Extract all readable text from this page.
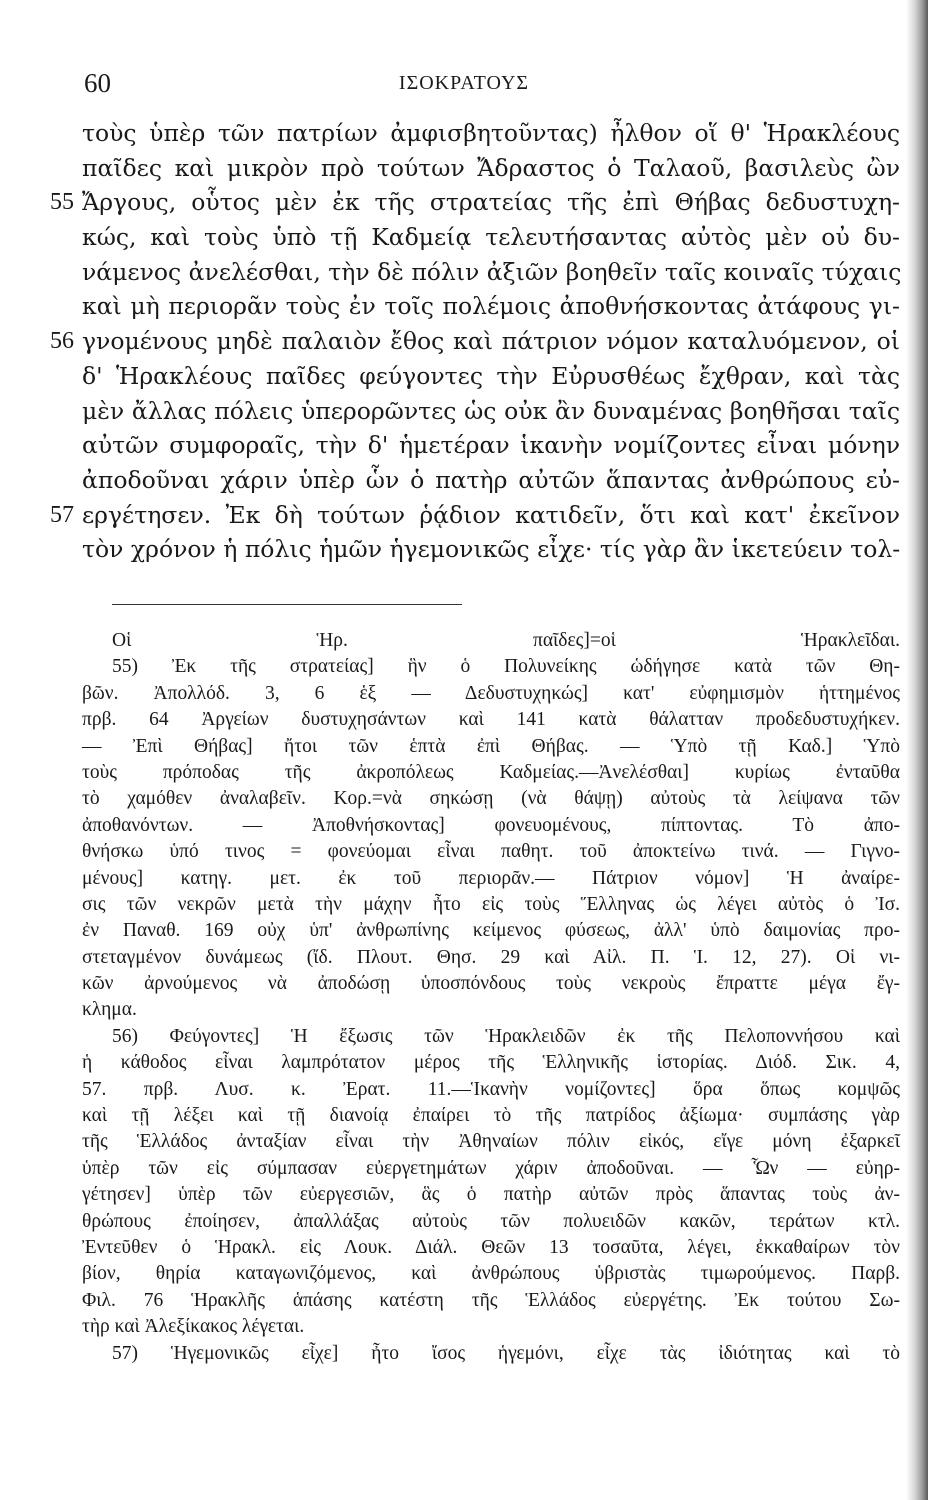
60	ΙΣΟΚΡΑΤΟΥΣ
τοὺς ὑπὲρ τῶν πατρίων ἀμφισβητοῦντας) ἦλθον οἵ θ' Ἡρακλέους
παῖδες καὶ μικρὸν πρὸ τούτων Ἄδραστος ὁ Ταλαοῦ, βασιλεὺς ὢν
55 Ἄργους, οὗτος μὲν ἐκ τῆς στρατείας τῆς ἐπὶ Θήβας δεδυστυχη-
κώς, καὶ τοὺς ὑπὸ τῇ Καδμείᾳ τελευτήσαντας αὐτὸς μὲν οὐ δυ-
νάμενος ἀνελέσθαι, τὴν δὲ πόλιν ἀξιῶν βοηθεῖν ταῖς κοιναῖς τύχαις
καὶ μὴ περιορᾶν τοὺς ἐν τοῖς πολέμοις ἀποθνήσκοντας ἀτάφους γι-
56 γνομένους μηδὲ παλαιὸν ἔθος καὶ πάτριον νόμον καταλυόμενον, οἱ
δ' Ἡρακλέους παῖδες φεύγοντες τὴν Εὐρυσθέως ἔχθραν, καὶ τὰς
μὲν ἄλλας πόλεις ὑπερορῶντες ὡς οὐκ ἂν δυναμένας βοηθῆσαι ταῖς
αὐτῶν συμφοραῖς, τὴν δ' ἡμετέραν ἱκανὴν νομίζοντες εἶναι μόνην
ἀποδοῦναι χάριν ὑπὲρ ὧν ὁ πατὴρ αὐτῶν ἅπαντας ἀνθρώπους εὐ-
57 εργέτησεν. Ἐκ δὴ τούτων ῥᾴδιον κατιδεῖν, ὅτι καὶ κατ' ἐκεῖνον
τὸν χρόνον ἡ πόλις ἡμῶν ἡγεμονικῶς εἶχε· τίς γὰρ ἂν ἱκετεύειν τολ-
Οἱ Ἡρ. παῖδες]=οἱ Ἡρακλεῖδαι.
55) Ἐκ τῆς στρατείας] ἣν ὁ Πολυνείκης ὡδήγησε κατὰ τῶν Θη-
βῶν. Ἀπολλόδ. 3, 6 ἑξ — Δεδυστυχηκώς] κατ' εὐφημισμὸν ἡττημένος
πρβ. 64 Ἀργείων δυστυχησάντων καὶ 141 κατὰ θάλατταν προδεδυστυχήκεν.
— Ἐπὶ Θήβας] ἤτοι τῶν ἑπτὰ ἐπὶ Θήβας. — Ὑπὸ τῇ Καδ.] Ὑπὸ
τοὺς πρόποδας τῆς ἀκροπόλεως Καδμείας.—Ἀνελέσθαι] κυρίως ἐνταῦθα
τὸ χαμόθεν ἀναλαβεῖν. Κορ.=νὰ σηκώσῃ (νὰ θάψῃ) αὐτοὺς τὰ λείψανα τῶν
ἀποθανόντων. — Ἀποθνήσκοντας] φονευομένους, πίπτοντας. Τὸ ἀπο-
θνήσκω ὑπό τινος = φονεύομαι εἶναι παθητ. τοῦ ἀποκτείνω τινά. — Γιγνο-
μένους] κατηγ. μετ. ἐκ τοῦ περιορᾶν.— Πάτριον νόμον] Ἡ ἀναίρε-
σις τῶν νεκρῶν μετὰ τὴν μάχην ἦτο εἰς τοὺς Ἕλληνας ὡς λέγει αὐτὸς ὁ Ἰσ.
ἐν Παναθ. 169 οὐχ ὑπ' ἀνθρωπίνης κείμενος φύσεως, ἀλλ' ὑπὸ δαιμονίας προ-
στεταγμένον δυνάμεως (ἴδ. Πλουτ. Θησ. 29 καὶ Αἰλ. Π. Ἱ. 12, 27). Οἱ νι-
κῶν ἀρνούμενος νὰ ἀποδώσῃ ὑποσπόνδους τοὺς νεκροὺς ἔπραττε μέγα ἔγ-
κλημα.
56) Φεύγοντες] Ἡ ἔξωσις τῶν Ἡρακλειδῶν ἐκ τῆς Πελοποννήσου καὶ
ἡ κάθοδος εἶναι λαμπρότατον μέρος τῆς Ἑλληνικῆς ἱστορίας. Διόδ. Σικ. 4,
57. πρβ. Λυσ. κ. Ἐρατ. 11.—Ἱκανὴν νομίζοντες] ὅρα ὅπως κομψῶς
καὶ τῇ λέξει καὶ τῇ διανοίᾳ ἐπαίρει τὸ τῆς πατρίδος ἀξίωμα· συμπάσης γὰρ
τῆς Ἑλλάδος ἀνταξίαν εἶναι τὴν Ἀθηναίων πόλιν εἰκός, εἴγε μόνη ἐξαρκεῖ
ὑπὲρ τῶν εἰς σύμπασαν εὐεργετημάτων χάριν ἀποδοῦναι. — Ὧν — εὐηρ-
γέτησεν] ὑπὲρ τῶν εὐεργεσιῶν, ἃς ὁ πατὴρ αὐτῶν πρὸς ἅπαντας τοὺς ἀν-
θρώπους ἐποίησεν, ἀπαλλάξας αὐτοὺς τῶν πολυειδῶν κακῶν, τεράτων κτλ.
Ἐντεῦθεν ὁ Ἡρακλ. εἰς Λουκ. Διάλ. Θεῶν 13 τοσαῦτα, λέγει, ἐκκαθαίρων τὸν
βίον, θηρία καταγωνιζόμενος, καὶ ἀνθρώπους ὑβριστὰς τιμωρούμενος. Παρβ.
Φιλ. 76 Ἡρακλῆς ἁπάσης κατέστη τῆς Ἑλλάδος εὐεργέτης. Ἐκ τούτου Σω-
τὴρ καὶ Ἀλεξίκακος λέγεται.
57) Ἡγεμονικῶς εἶχε] ἦτο ἴσος ἡγεμόνι, εἶχε τὰς ἰδιότητας καὶ τὸ
